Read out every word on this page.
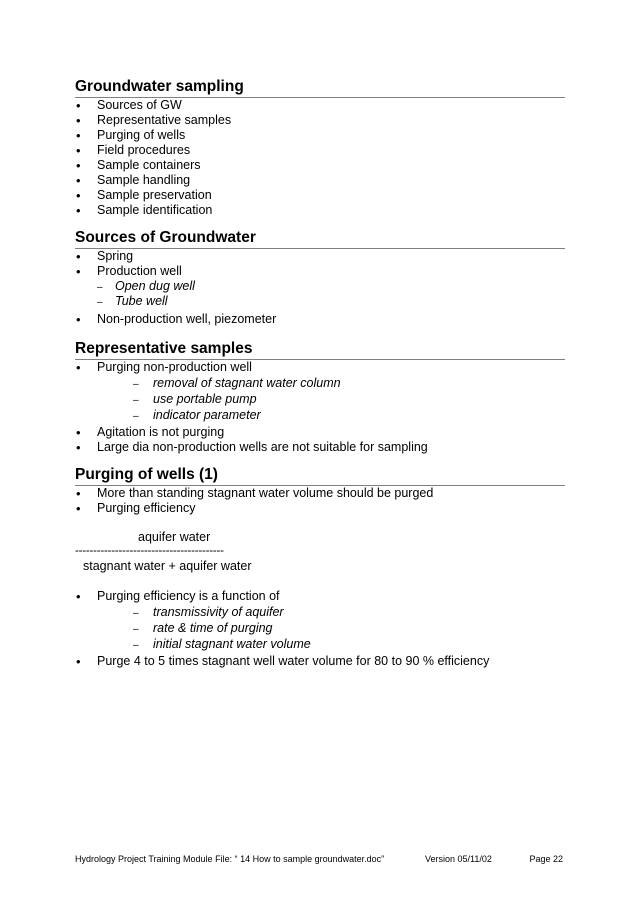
Groundwater sampling
• Sources of GW
• Representative samples
• Purging of wells
• Field procedures
• Sample containers
• Sample handling
• Sample preservation
• Sample identification
Sources of Groundwater
• Spring
• Production well
– Open dug well
– Tube well
• Non-production well, piezometer
Representative samples
• Purging non-production well
– removal of stagnant water column
– use portable pump
– indicator parameter
• Agitation is not purging
• Large dia non-production wells are not suitable for sampling
Purging of wells (1)
• More than standing stagnant water volume should be purged
• Purging efficiency
aquifer water
-----------------------------------------
stagnant water + aquifer water
• Purging efficiency is a function of
– transmissivity of aquifer
– rate & time of purging
– initial stagnant water volume
• Purge 4 to 5 times stagnant well water volume for 80 to 90 % efficiency
Hydrology Project Training Module File: “ 14 How to sample groundwater.doc”	Version 05/11/02	Page 22
